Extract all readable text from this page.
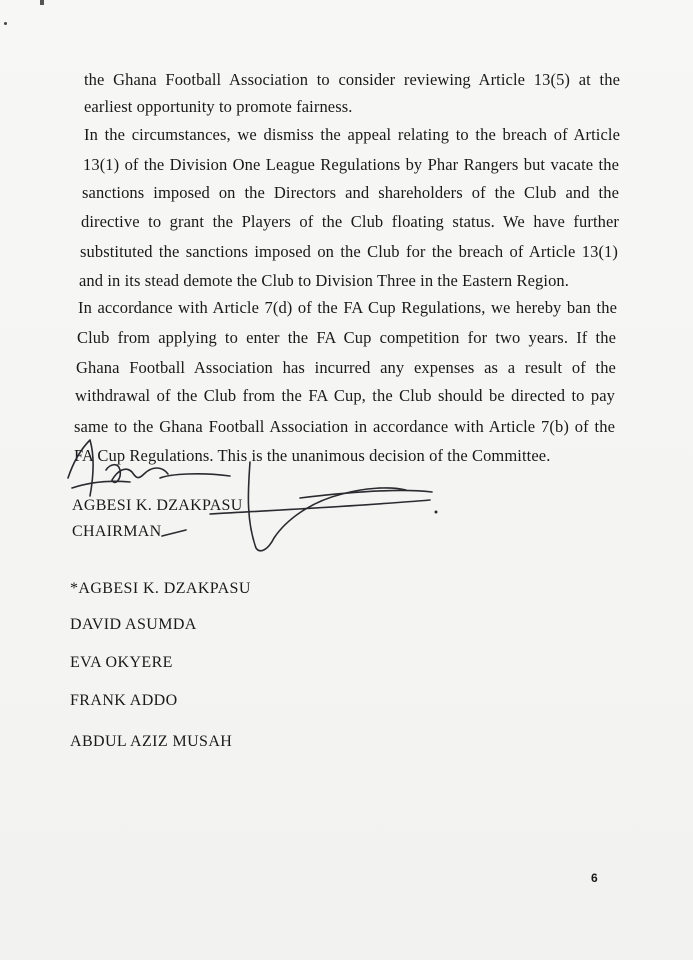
the Ghana Football Association to consider reviewing Article 13(5) at the
earliest opportunity to promote fairness.
In the circumstances, we dismiss the appeal relating to the breach of Article
13(1) of the Division One League Regulations by Phar Rangers but vacate the
sanctions imposed on the Directors and shareholders of the Club and the
directive to grant the Players of the Club floating status. We have further
substituted the sanctions imposed on the Club for the breach of Article 13(1)
and in its stead demote the Club to Division Three in the Eastern Region.
In accordance with Article 7(d) of the FA Cup Regulations, we hereby ban the
Club from applying to enter the FA Cup competition for two years. If the
Ghana Football Association has incurred any expenses as a result of the
withdrawal of the Club from the FA Cup, the Club should be directed to pay
same to the Ghana Football Association in accordance with Article 7(b) of the
FA Cup Regulations. This is the unanimous decision of the Committee.
AGBESI K. DZAKPASU
CHAIRMAN
*AGBESI K. DZAKPASU
DAVID ASUMDA
EVA OKYERE
FRANK ADDO
ABDUL AZIZ MUSAH
6
